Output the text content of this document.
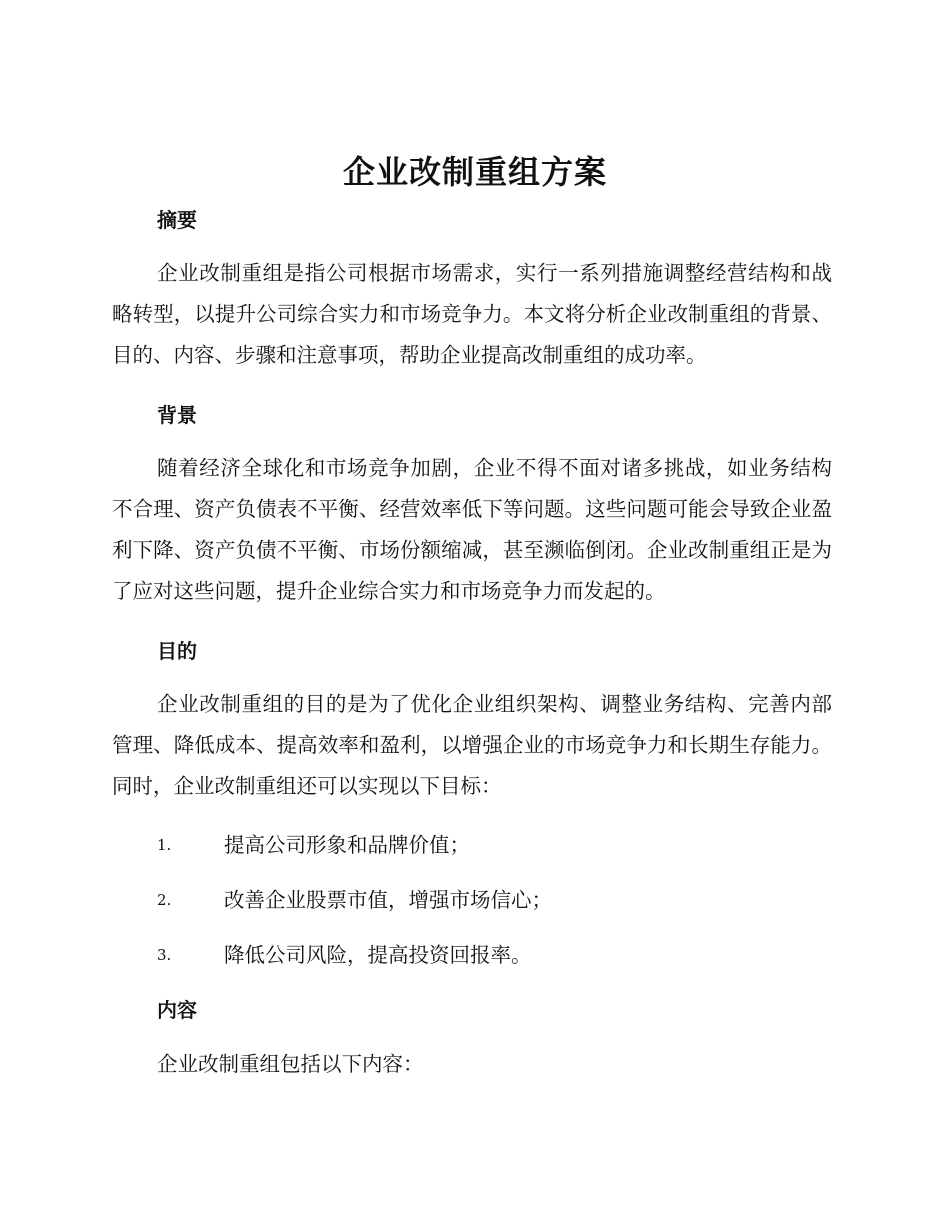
企业改制重组方案
摘要

企业改制重组是指公司根据市场需求，实行一系列措施调整经营结构和战略转型，以提升公司综合实力和市场竞争力。本文将分析企业改制重组的背景、目的、内容、步骤和注意事项，帮助企业提高改制重组的成功率。

背景

随着经济全球化和市场竞争加剧，企业不得不面对诸多挑战，如业务结构不合理、资产负债表不平衡、经营效率低下等问题。这些问题可能会导致企业盈利下降、资产负债不平衡、市场份额缩减，甚至濒临倒闭。企业改制重组正是为了应对这些问题，提升企业综合实力和市场竞争力而发起的。

目的

企业改制重组的目的是为了优化企业组织架构、调整业务结构、完善内部管理、降低成本、提高效率和盈利，以增强企业的市场竞争力和长期生存能力。同时，企业改制重组还可以实现以下目标：

1.	提高公司形象和品牌价值；
2.	改善企业股票市值，增强市场信心；
3.	降低公司风险，提高投资回报率。
内容

企业改制重组包括以下内容：
